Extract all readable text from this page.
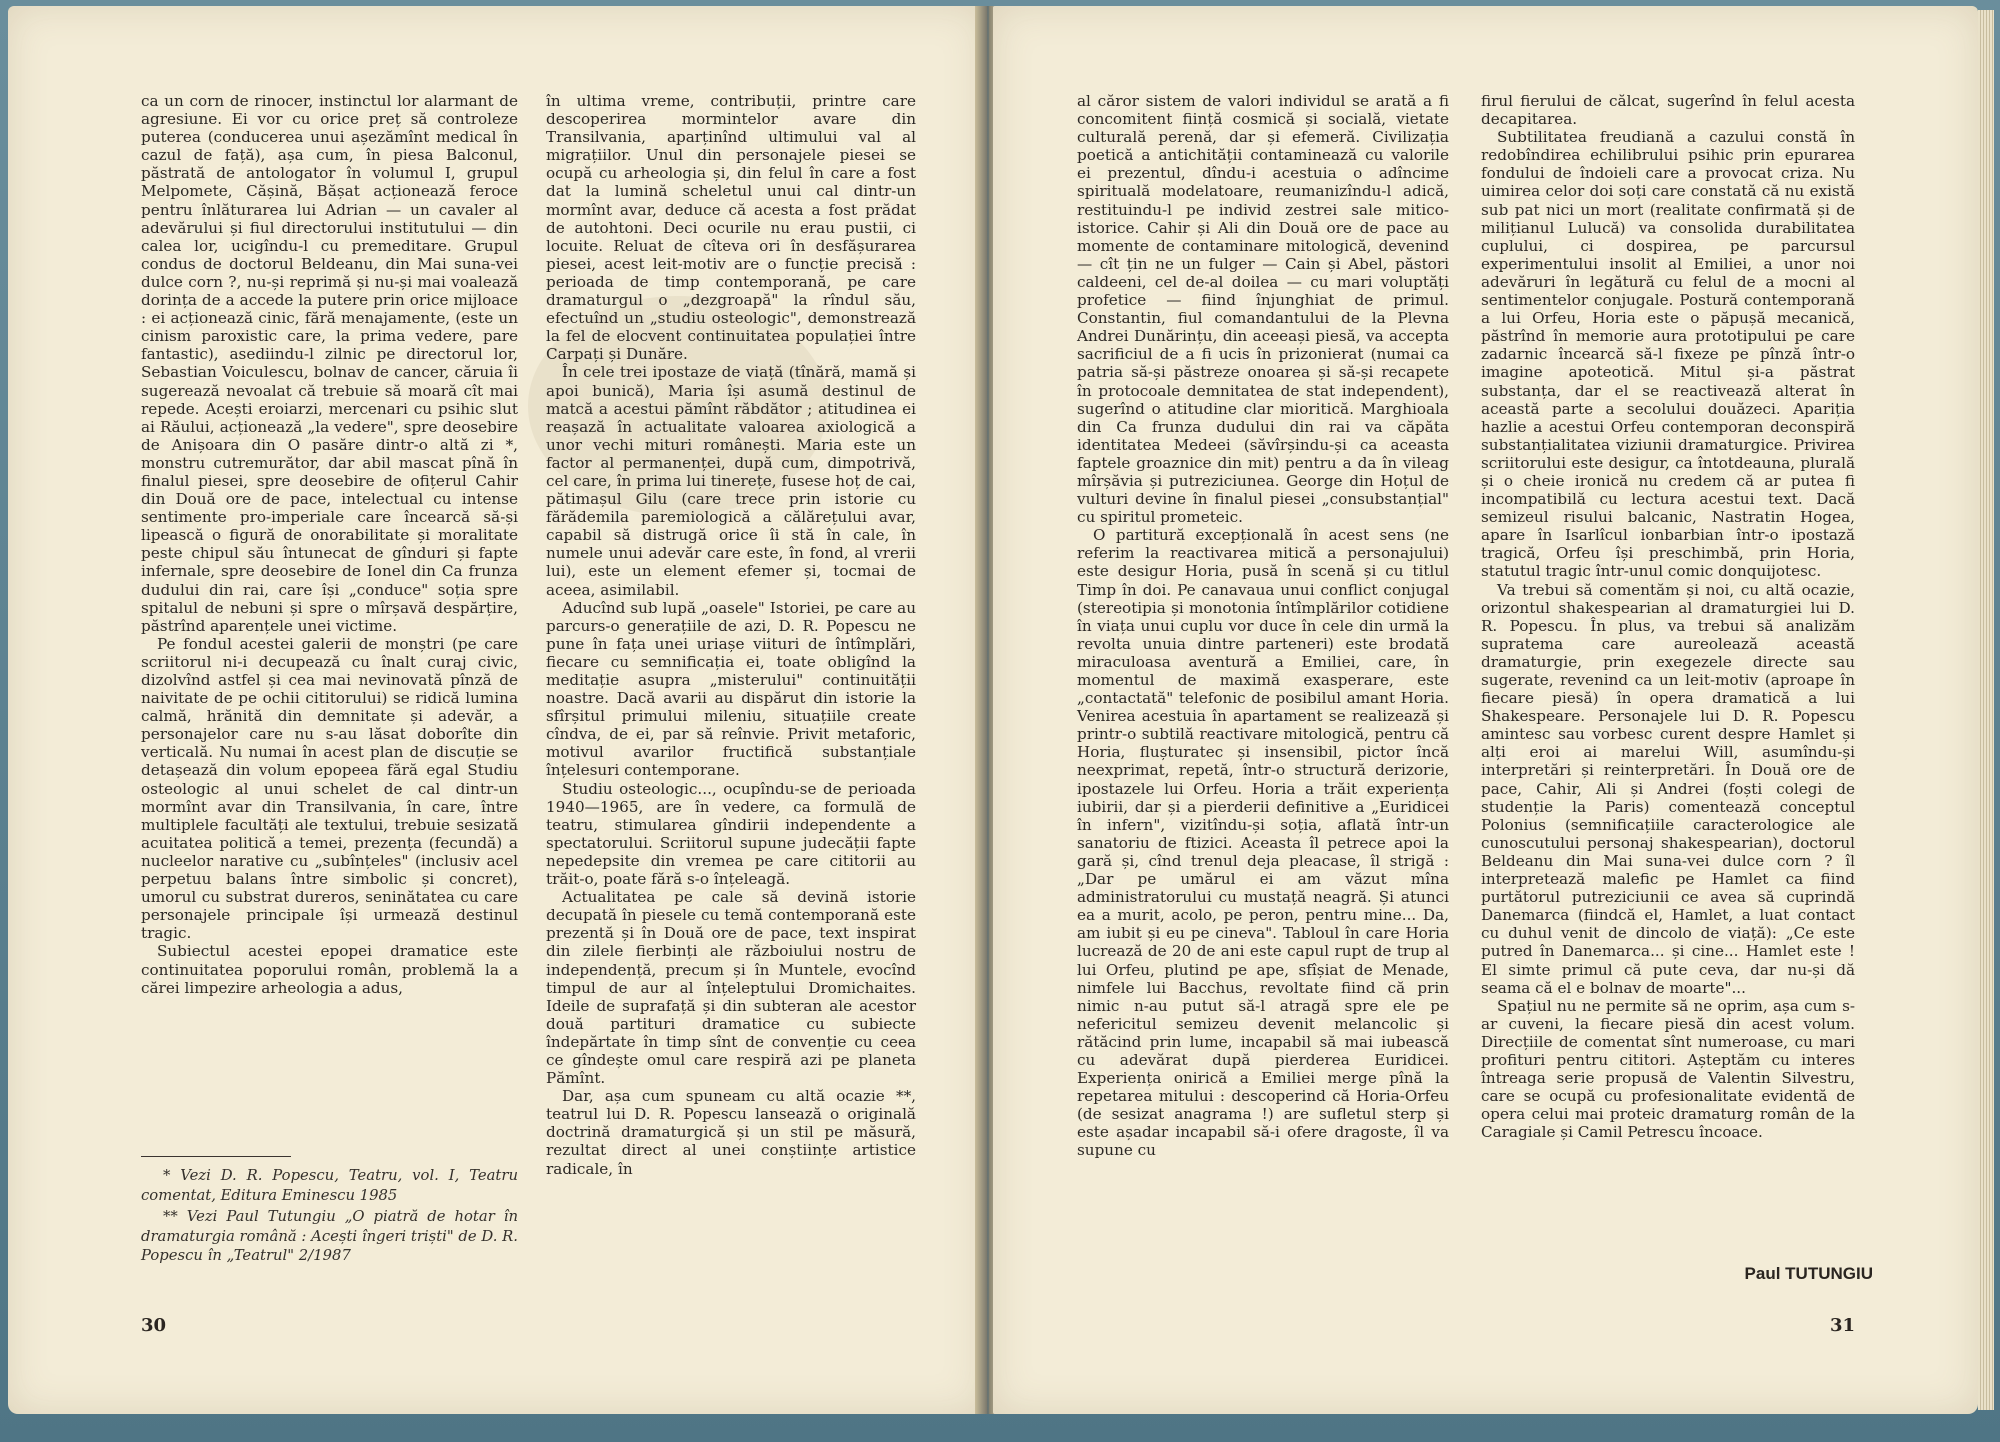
ca un corn de rinocer, instinctul lor alarmant de agresiune. Ei vor cu orice preț să controleze puterea (conducerea unui așezămînt medical în cazul de față), așa cum, în piesa Balconul, păstrată de antologator în volumul I, grupul Melpomete, Cășină, Bășat acționează feroce pentru înlăturarea lui Adrian — un cavaler al adevărului și fiul directorului institutului — din calea lor, ucigîndu-l cu premeditare. Grupul condus de doctorul Beldeanu, din Mai suna-vei dulce corn ?, nu-și reprimă și nu-și mai voalează dorința de a accede la putere prin orice mijloace : ei acționează cinic, fără menajamente, (este un cinism paroxistic care, la prima vedere, pare fantastic), asediindu-l zilnic pe directorul lor, Sebastian Voiculescu, bolnav de cancer, căruia îi sugerează nevoalat că trebuie să moară cît mai repede. Acești eroiarzi, mercenari cu psihic slut ai Răului, acționează „la vedere", spre deosebire de Anișoara din O pasăre dintr-o altă zi *, monstru cutremurător, dar abil mascat pînă în finalul piesei, spre deosebire de ofițerul Cahir din Două ore de pace, intelectual cu intense sentimente pro-imperiale care încearcă să-și lipească o figură de onorabilitate și moralitate peste chipul său întunecat de gînduri și fapte infernale, spre deosebire de Ionel din Ca frunza dudului din rai, care își „conduce" soția spre spitalul de nebuni și spre o mîrșavă despărțire, păstrînd aparențele unei victime.

Pe fondul acestei galerii de monștri (pe care scriitorul ni-i decupează cu înalt curaj civic, dizolvînd astfel și cea mai nevinovată pînză de naivitate de pe ochii cititorului) se ridică lumina calmă, hrănită din demnitate și adevăr, a personajelor care nu s-au lăsat doborîte din verticală. Nu numai în acest plan de discuție se detașează din volum epopeea fără egal Studiu osteologic al unui schelet de cal dintr-un mormînt avar din Transilvania, în care, între multiplele facultăți ale textului, trebuie sesizată acuitatea politică a temei, prezența (fecundă) a nucleelor narative cu „subînțeles" (inclusiv acel perpetuu balans între simbolic și concret), umorul cu substrat dureros, seninătatea cu care personajele principale își urmează destinul tragic.

Subiectul acestei epopei dramatice este continuitatea poporului român, problemă la a cărei limpezire arheologia a adus,

* Vezi D. R. Popescu, Teatru, vol. I, Teatru comentat, Editura Eminescu 1985

** Vezi Paul Tutungiu „O piatră de hotar în dramaturgia română : Acești îngeri triști" de D. R. Popescu în „Teatrul" 2/1987

în ultima vreme, contribuții, printre care descoperirea mormintelor avare din Transilvania, aparținînd ultimului val al migrațiilor. Unul din personajele piesei se ocupă cu arheologia și, din felul în care a fost dat la lumină scheletul unui cal dintr-un mormînt avar, deduce că acesta a fost prădat de autohtoni. Deci ocurile nu erau pustii, ci locuite. Reluat de cîteva ori în desfășurarea piesei, acest leit-motiv are o funcție precisă : perioada de timp contemporană, pe care dramaturgul o „dezgroapă" la rîndul său, efectuînd un „studiu osteologic", demonstrează la fel de elocvent continuitatea populației între Carpați și Dunăre.

În cele trei ipostaze de viață (tînără, mamă și apoi bunică), Maria își asumă destinul de matcă a acestui pămînt răbdător ; atitudinea ei reașază în actualitate valoarea axiologică a unor vechi mituri românești. Maria este un factor al permanenței, după cum, dimpotrivă, cel care, în prima lui tinerețe, fusese hoț de cai, pătimașul Gilu (care trece prin istorie cu fărădemila paremiologică a călărețului avar, capabil să distrugă orice îi stă în cale, în numele unui adevăr care este, în fond, al vrerii lui), este un element efemer și, tocmai de aceea, asimilabil.

Aducînd sub lupă „oasele" Istoriei, pe care au parcurs-o generațiile de azi, D. R. Popescu ne pune în fața unei uriașe viituri de întîmplări, fiecare cu semnificația ei, toate obligînd la meditație asupra „misterului" continuității noastre. Dacă avarii au dispărut din istorie la sfîrșitul primului mileniu, situațiile create cîndva, de ei, par să reînvie. Privit metaforic, motivul avarilor fructifică substanțiale înțelesuri contemporane.

Studiu osteologic..., ocupîndu-se de perioada 1940—1965, are în vedere, ca formulă de teatru, stimularea gîndirii independente a spectatorului. Scriitorul supune judecății fapte nepedepsite din vremea pe care cititorii au trăit-o, poate fără s-o înțeleagă.

Actualitatea pe cale să devină istorie decupată în piesele cu temă contemporană este prezentă și în Două ore de pace, text inspirat din zilele fierbinți ale războiului nostru de independență, precum și în Muntele, evocînd timpul de aur al înțeleptului Dromichaites. Ideile de suprafață și din subteran ale acestor două partituri dramatice cu subiecte îndepărtate în timp sînt de convenție cu ceea ce gîndește omul care respiră azi pe planeta Pămînt.

Dar, așa cum spuneam cu altă ocazie **, teatrul lui D. R. Popescu lansează o originală doctrină dramaturgică și un stil pe măsură, rezultat direct al unei conștiințe artistice radicale, în

30

al căror sistem de valori individul se arată a fi concomitent ființă cosmică și socială, vietate culturală perenă, dar și efemeră. Civilizația poetică a antichității contaminează cu valorile ei prezentul, dîndu-i acestuia o adîncime spirituală modelatoare, reumanizîndu-l adică, restituindu-l pe individ zestrei sale mitico-istorice. Cahir și Ali din Două ore de pace au momente de contaminare mitologică, devenind — cît țin ne un fulger — Cain și Abel, păstori caldeeni, cel de-al doilea — cu mari voluptăți profetice — fiind înjunghiat de primul. Constantin, fiul comandantului de la Plevna Andrei Dunărințu, din aceeași piesă, va accepta sacrificiul de a fi ucis în prizonierat (numai ca patria să-și păstreze onoarea și să-și recapete în protocoale demnitatea de stat independent), sugerînd o atitudine clar mioritică. Marghioala din Ca frunza dudului din rai va căpăta identitatea Medeei (săvîrșindu-și ca aceasta faptele groaznice din mit) pentru a da în vileag mîrșăvia și putreziciunea. George din Hoțul de vulturi devine în finalul piesei „consubstanțial" cu spiritul prometeic.

O partitură excepțională în acest sens (ne referim la reactivarea mitică a personajului) este desigur Horia, pusă în scenă și cu titlul Timp în doi. Pe canavaua unui conflict conjugal (stereotipia și monotonia întîmplărilor cotidiene în viața unui cuplu vor duce în cele din urmă la revolta unuia dintre parteneri) este brodată miraculoasa aventură a Emiliei, care, în momentul de maximă exasperare, este „contactată" telefonic de posibilul amant Horia. Venirea acestuia în apartament se realizează și printr-o subtilă reactivare mitologică, pentru că Horia, flușturatec și insensibil, pictor încă neexprimat, repetă, într-o structură derizorie, ipostazele lui Orfeu. Horia a trăit experiența iubirii, dar și a pierderii definitive a „Euridicei în infern", vizitîndu-și soția, aflată într-un sanatoriu de ftizici. Aceasta îl petrece apoi la gară și, cînd trenul deja pleacase, îl strigă : „Dar pe umărul ei am văzut mîna administratorului cu mustață neagră. Și atunci ea a murit, acolo, pe peron, pentru mine... Da, am iubit și eu pe cineva". Tabloul în care Horia lucrează de 20 de ani este capul rupt de trup al lui Orfeu, plutind pe ape, sfîșiat de Menade, nimfele lui Bacchus, revoltate fiind că prin nimic n-au putut să-l atragă spre ele pe nefericitul semizeu devenit melancolic și rătăcind prin lume, incapabil să mai iubească cu adevărat după pierderea Euridicei. Experiența onirică a Emiliei merge pînă la repetarea mitului : descoperind că Horia-Orfeu (de sesizat anagrama !) are sufletul sterp și este așadar incapabil să-i ofere dragoste, îl va supune cu

firul fierului de călcat, sugerînd în felul acesta decapitarea.

Subtilitatea freudiană a cazului constă în redobîndirea echilibrului psihic prin epurarea fondului de îndoieli care a provocat criza. Nu uimirea celor doi soți care constată că nu există sub pat nici un mort (realitate confirmată și de milițianul Lulucă) va consolida durabilitatea cuplului, ci dospirea, pe parcursul experimentului insolit al Emiliei, a unor noi adevăruri în legătură cu felul de a mocni al sentimentelor conjugale. Postură contemporană a lui Orfeu, Horia este o păpușă mecanică, păstrînd în memorie aura prototipului pe care zadarnic încearcă să-l fixeze pe pînză într-o imagine apoteotică. Mitul și-a păstrat substanța, dar el se reactivează alterat în această parte a secolului douăzeci. Apariția hazlie a acestui Orfeu contemporan deconspiră substanțialitatea viziunii dramaturgice. Privirea scriitorului este desigur, ca întotdeauna, plurală și o cheie ironică nu credem că ar putea fi incompatibilă cu lectura acestui text. Dacă semizeul risului balcanic, Nastratin Hogea, apare în Isarlîcul ionbarbian într-o ipostază tragică, Orfeu își preschimbă, prin Horia, statutul tragic într-unul comic donquijotesc.

Va trebui să comentăm și noi, cu altă ocazie, orizontul shakespearian al dramaturgiei lui D. R. Popescu. În plus, va trebui să analizăm supratema care aureolează această dramaturgie, prin exegezele directe sau sugerate, revenind ca un leit-motiv (aproape în fiecare piesă) în opera dramatică a lui Shakespeare. Personajele lui D. R. Popescu amintesc sau vorbesc curent despre Hamlet și alți eroi ai marelui Will, asumîndu-și interpretări și reinterpretări. În Două ore de pace, Cahir, Ali și Andrei (foști colegi de studenție la Paris) comentează conceptul Polonius (semnificațiile caracterologice ale cunoscutului personaj shakespearian), doctorul Beldeanu din Mai suna-vei dulce corn ? îl interpretează malefic pe Hamlet ca fiind purtătorul putreziciunii ce avea să cuprindă Danemarca (fiindcă el, Hamlet, a luat contact cu duhul venit de dincolo de viață): „Ce este putred în Danemarca... și cine... Hamlet este ! El simte primul că pute ceva, dar nu-și dă seama că el e bolnav de moarte"...

Spațiul nu ne permite să ne oprim, așa cum s-ar cuveni, la fiecare piesă din acest volum. Direcțiile de comentat sînt numeroase, cu mari profituri pentru cititori. Așteptăm cu interes întreaga serie propusă de Valentin Silvestru, care se ocupă cu profesionalitate evidentă de opera celui mai proteic dramaturg român de la Caragiale și Camil Petrescu încoace.

Paul TUTUNGIU
31
